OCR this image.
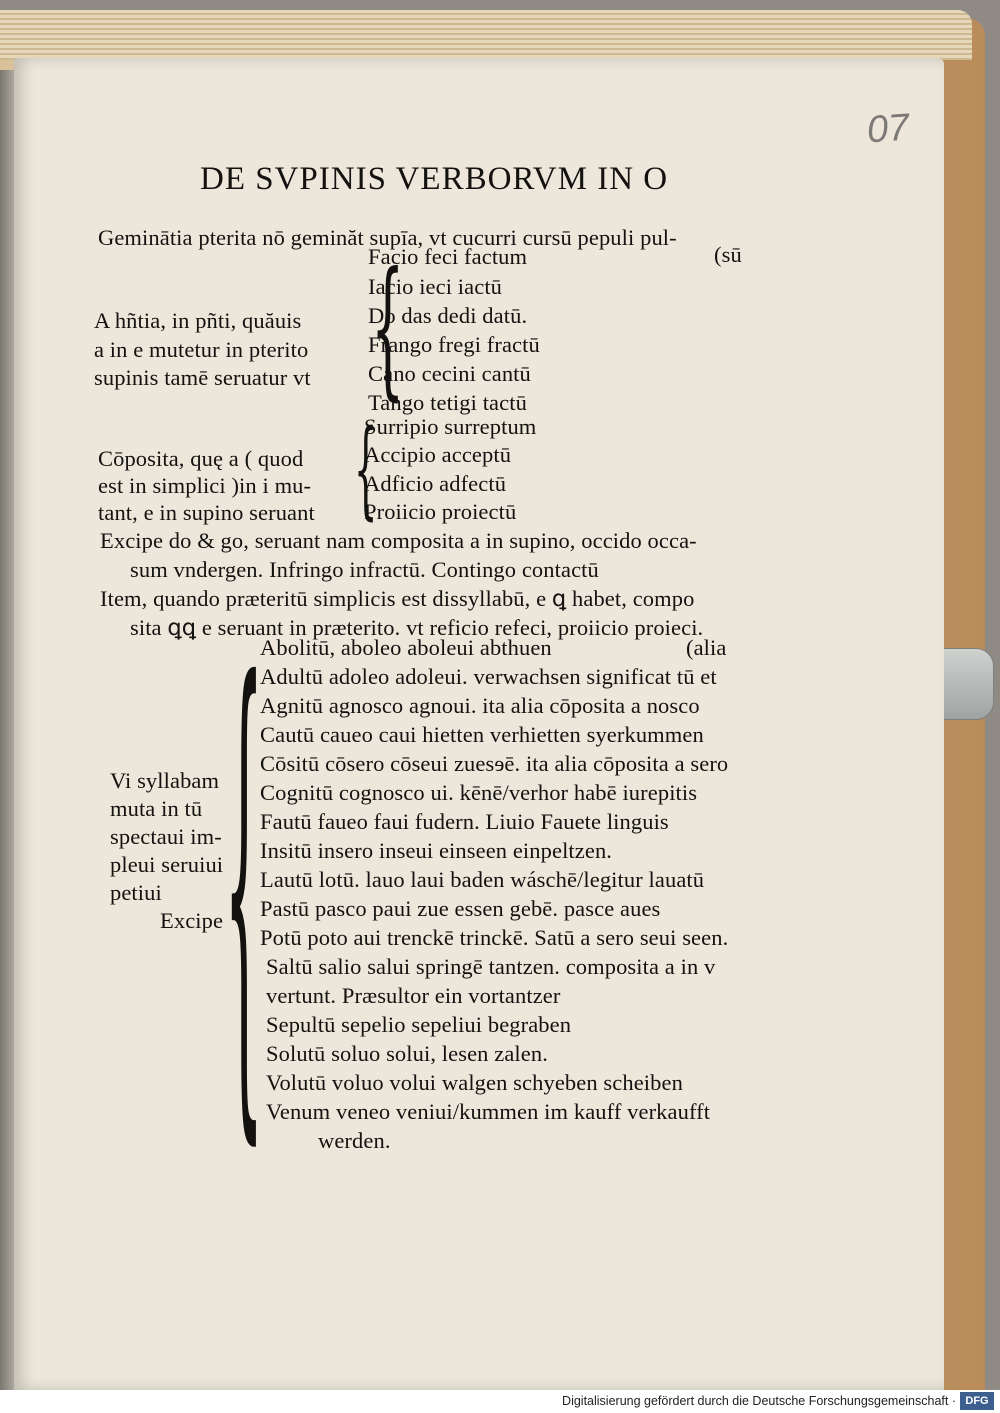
07
DE SVPINIS VERBORVM IN O
Geminātia pterita nō geminăt supīa, vt cucurri cursū pepuli pul‑
(sū
{
Facio feci factum
Iacio ieci iactū
Do das dedi datū.
Frango fregi fractū
Cano cecini cantū
Tango tetigi tactū
A hñtia, in pñti, quăuis
a in e mutetur in pterito
supinis tamē seruatur vt
{
Surripio surreptum
Accipio acceptū
Adficio adfectū
Proiicio proiectū
Cōposita, quę a ( quod
est in simplici )in i mu‑
tant, e in supino seruant
Excipe do & go, seruant nam composita a in supino, occido occa‑
sum vndergen. Infringo infractū. Contingo contactū
Item, quando præteritū simplicis est dissyllabū, e ꝗ habet, compo
sita ꝗꝗ e seruant in præterito. vt reficio refeci, proiicio proieci.
{
Abolitū, aboleo aboleui abthuen	(alia
Adultū adoleo adoleui. verwachsen significat tū et
Agnitū agnosco agnoui. ita alia cōposita a nosco
Cautū caueo caui hietten verhietten syerkummen
Cōsitū cōsero cōseui zuesɘē. ita alia cōposita a sero
Cognitū cognosco ui. kēnē/verhor habē iurepitis
Fautū faueo faui fudern. Liuio Fauete linguis
Insitū insero inseui einseen einpeltzen.
Lautū lotū. lauo laui baden wáschē/legitur lauatū
Pastū pasco paui zue essen gebē. pasce aues
Potū poto aui trenckē trinckē. Satū a sero seui seen.
Saltū salio salui springē tantzen. composita a in v
vertunt. Præsultor ein vortantzer
Sepultū sepelio sepeliui begraben
Solutū soluo solui, lesen zalen.
Volutū voluo volui walgen schyeben scheiben
Venum veneo veniui/kummen im kauff verkaufft
werden.
Vi syllabam
muta in tū
spectaui im‑
pleui seruiui
petiui
Excipe
Digitalisierung gefördert durch die Deutsche Forschungsgemeinschaft · DFG
